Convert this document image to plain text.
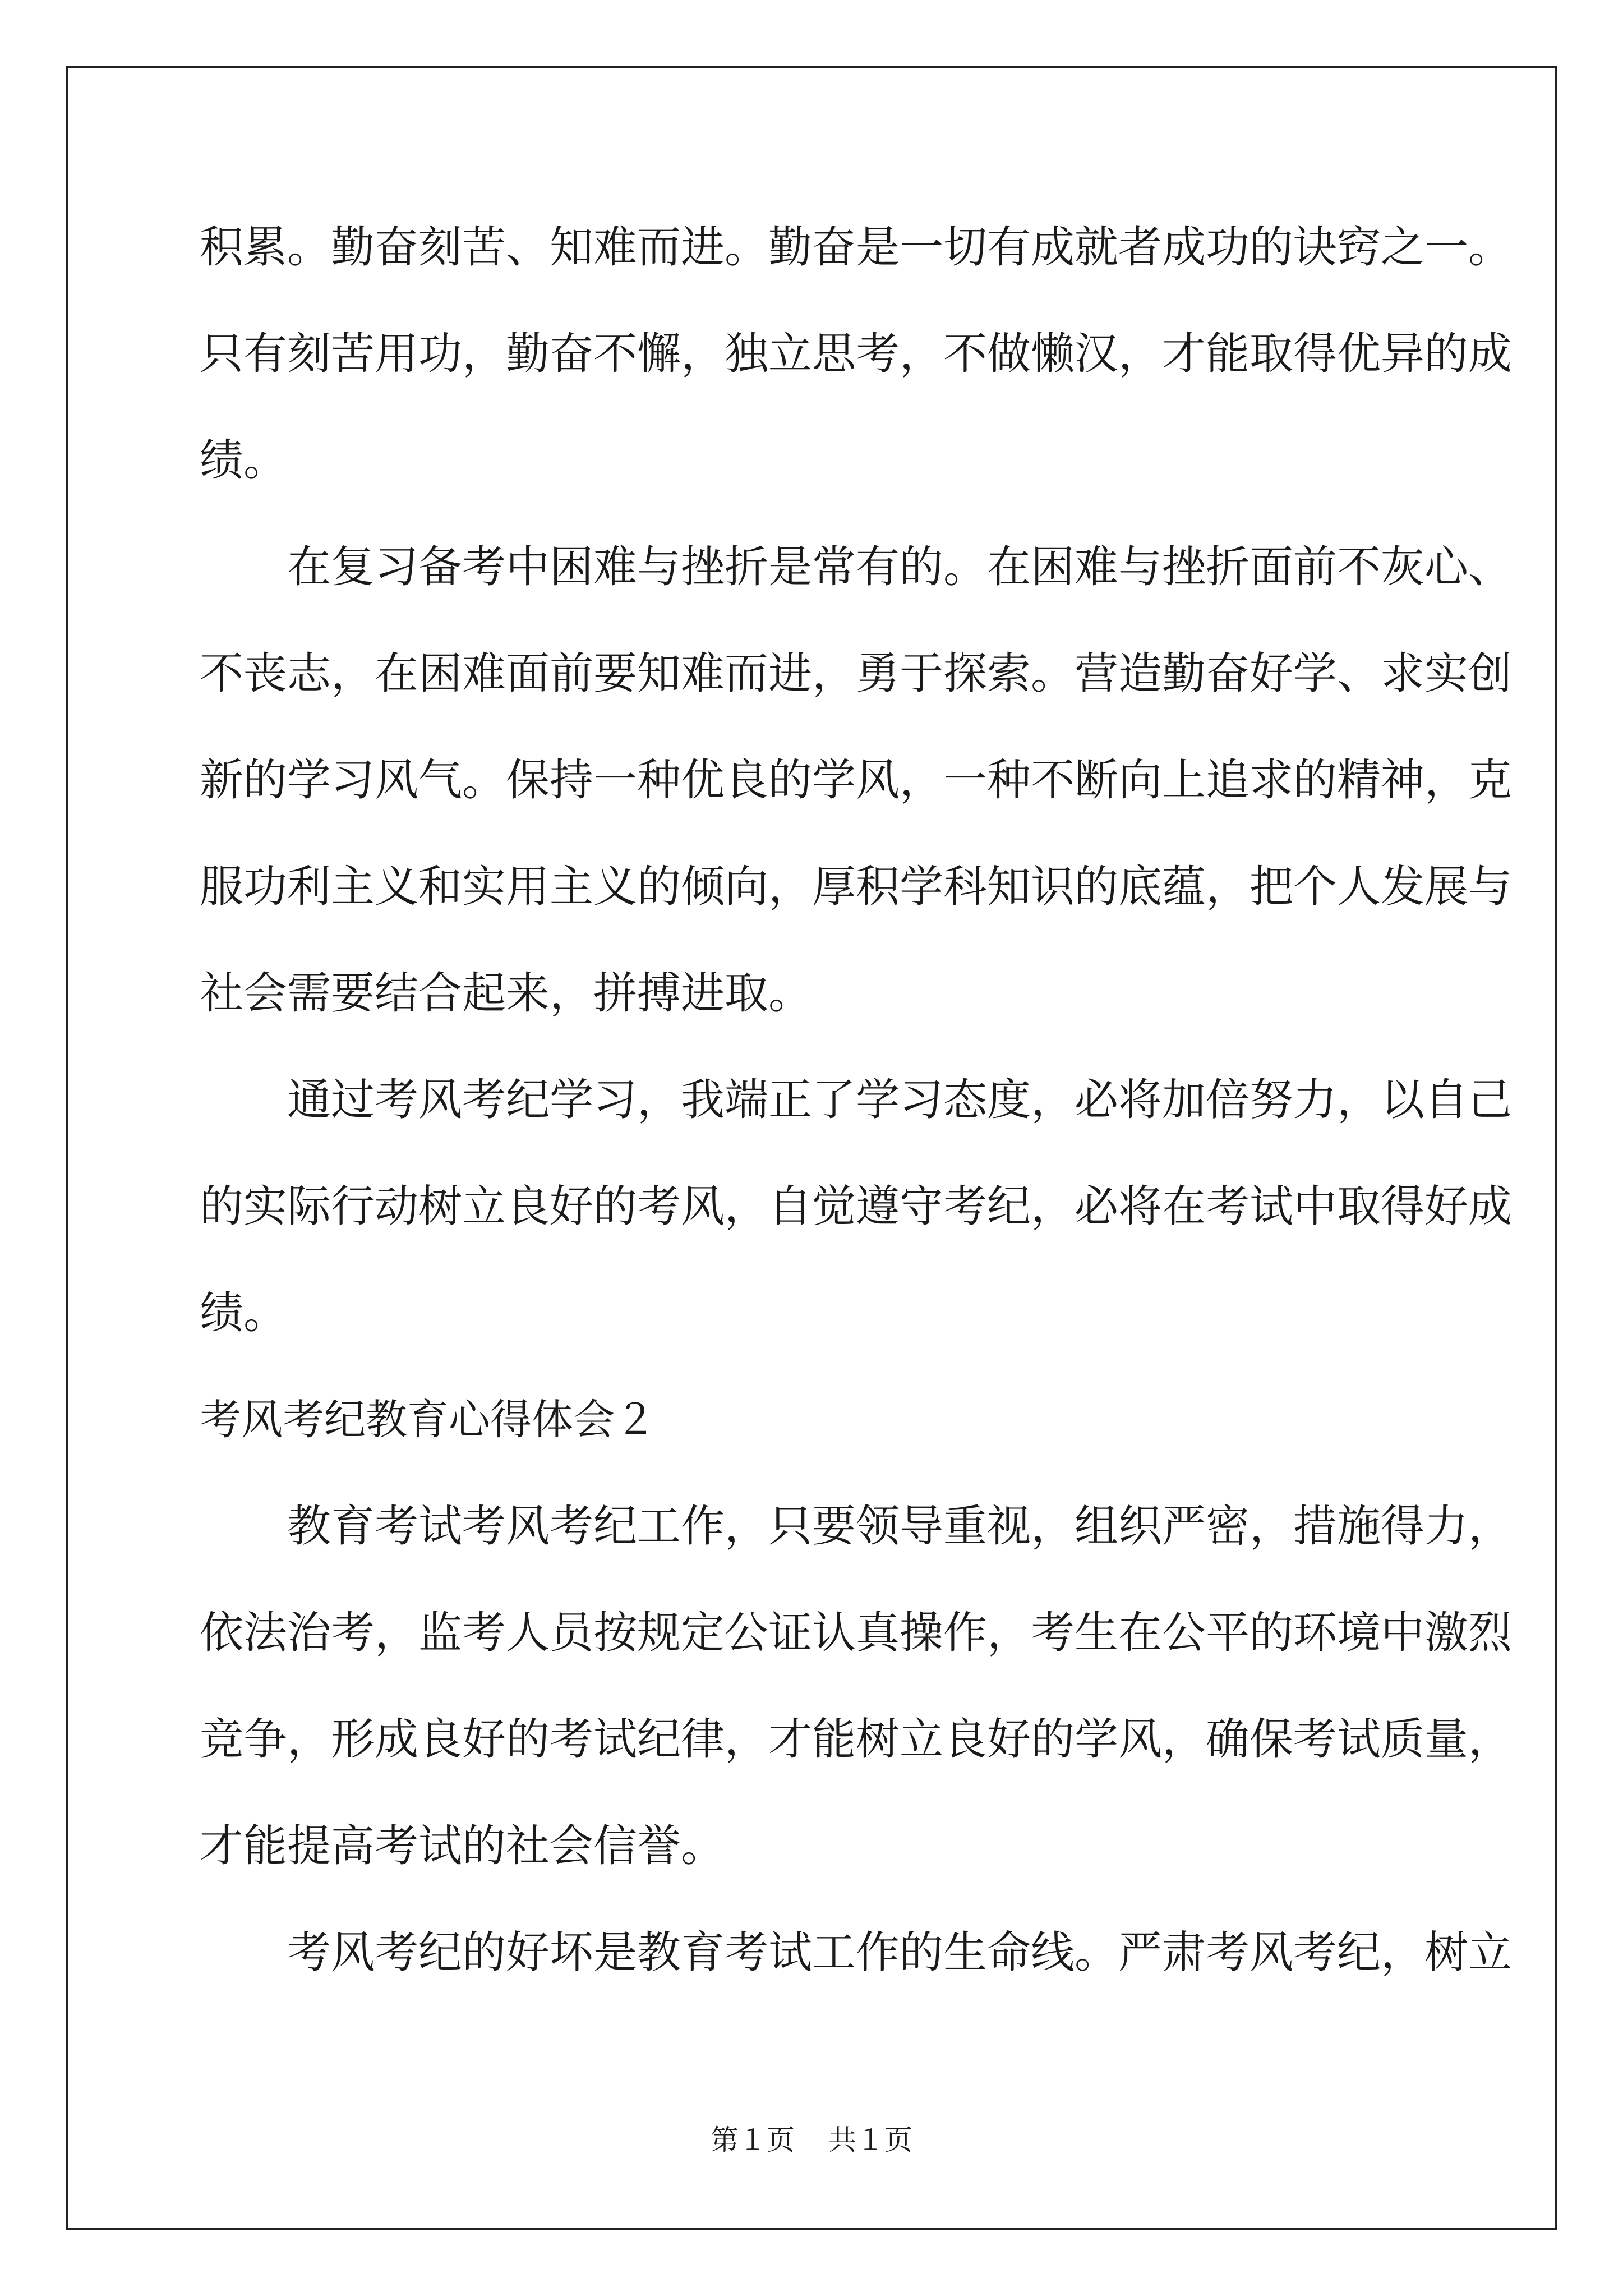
积累。勤奋刻苦、知难而进。勤奋是一切有成就者成功的诀窍之一。
只有刻苦用功，勤奋不懈，独立思考，不做懒汉，才能取得优异的成
绩。
在复习备考中困难与挫折是常有的。在困难与挫折面前不灰心、
不丧志，在困难面前要知难而进，勇于探索。营造勤奋好学、求实创
新的学习风气。保持一种优良的学风，一种不断向上追求的精神，克
服功利主义和实用主义的倾向，厚积学科知识的底蕴，把个人发展与
社会需要结合起来，拼搏进取。
通过考风考纪学习，我端正了学习态度，必将加倍努力，以自己
的实际行动树立良好的考风，自觉遵守考纪，必将在考试中取得好成
绩。
考风考纪教育心得体会２
教育考试考风考纪工作，只要领导重视，组织严密，措施得力，
依法治考，监考人员按规定公证认真操作，考生在公平的环境中激烈
竞争，形成良好的考试纪律，才能树立良好的学风，确保考试质量，
才能提高考试的社会信誉。
考风考纪的好坏是教育考试工作的生命线。严肃考风考纪，树立
第１页 共１页
